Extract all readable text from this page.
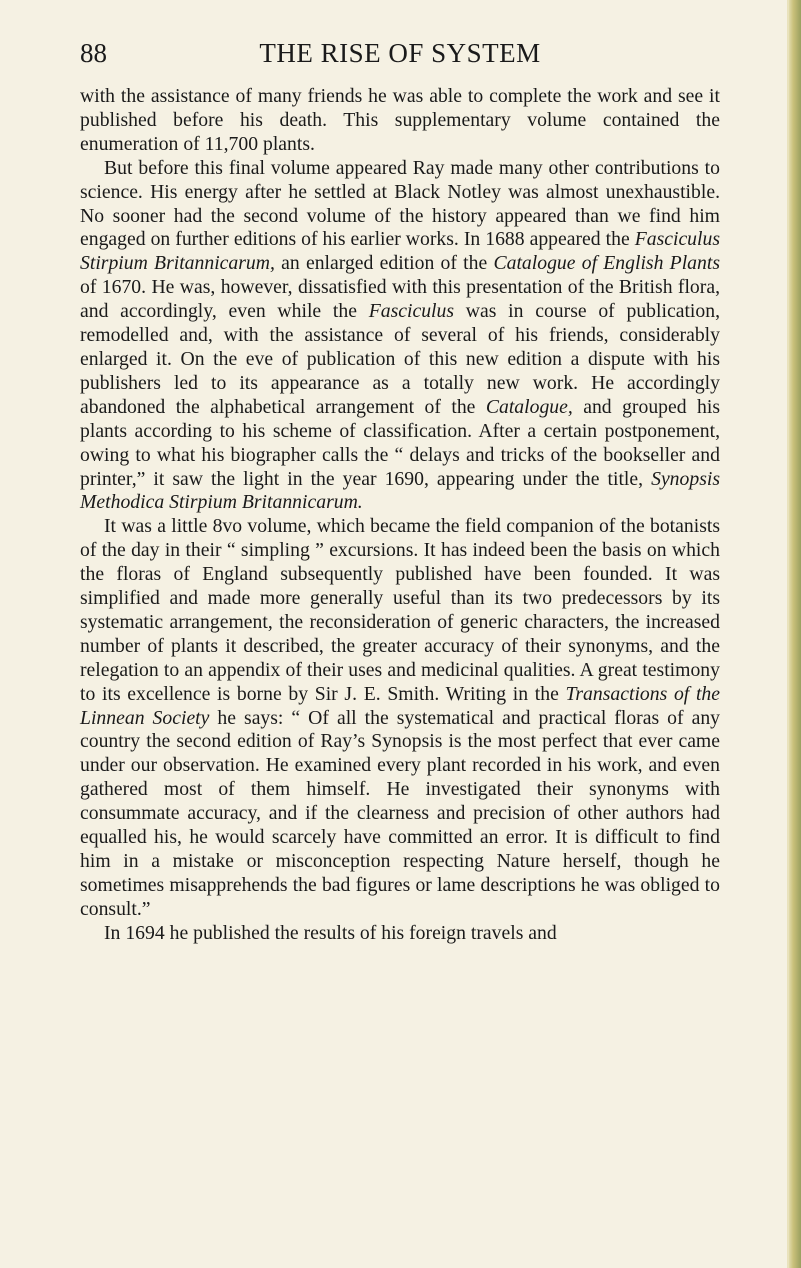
88	THE RISE OF SYSTEM

with the assistance of many friends he was able to complete the work and see it published before his death. This supplementary volume contained the enumeration of 11,700 plants.

But before this final volume appeared Ray made many other contributions to science. His energy after he settled at Black Notley was almost unexhaustible. No sooner had the second volume of the history appeared than we find him engaged on further editions of his earlier works. In 1688 appeared the Fasciculus Stirpium Britannicarum, an enlarged edition of the Catalogue of English Plants of 1670. He was, however, dissatisfied with this presentation of the British flora, and accordingly, even while the Fasciculus was in course of publication, remodelled and, with the assistance of several of his friends, considerably enlarged it. On the eve of publication of this new edition a dispute with his publishers led to its appearance as a totally new work. He accordingly abandoned the alphabetical arrangement of the Catalogue, and grouped his plants according to his scheme of classification. After a certain postponement, owing to what his biographer calls the “ delays and tricks of the bookseller and printer,” it saw the light in the year 1690, appearing under the title, Synopsis Methodica Stirpium Britannicarum.

It was a little 8vo volume, which became the field companion of the botanists of the day in their “ simpling ” excursions. It has indeed been the basis on which the floras of England subsequently published have been founded. It was simplified and made more generally useful than its two predecessors by its systematic arrangement, the reconsideration of generic characters, the increased number of plants it described, the greater accuracy of their synonyms, and the relegation to an appendix of their uses and medicinal qualities. A great testimony to its excellence is borne by Sir J. E. Smith. Writing in the Transactions of the Linnean Society he says: “ Of all the systematical and practical floras of any country the second edition of Ray’s Synopsis is the most perfect that ever came under our observation. He examined every plant recorded in his work, and even gathered most of them himself. He investigated their synonyms with consummate accuracy, and if the clearness and precision of other authors had equalled his, he would scarcely have committed an error. It is difficult to find him in a mistake or misconception respecting Nature herself, though he sometimes misapprehends the bad figures or lame descriptions he was obliged to consult.”

In 1694 he published the results of his foreign travels and
